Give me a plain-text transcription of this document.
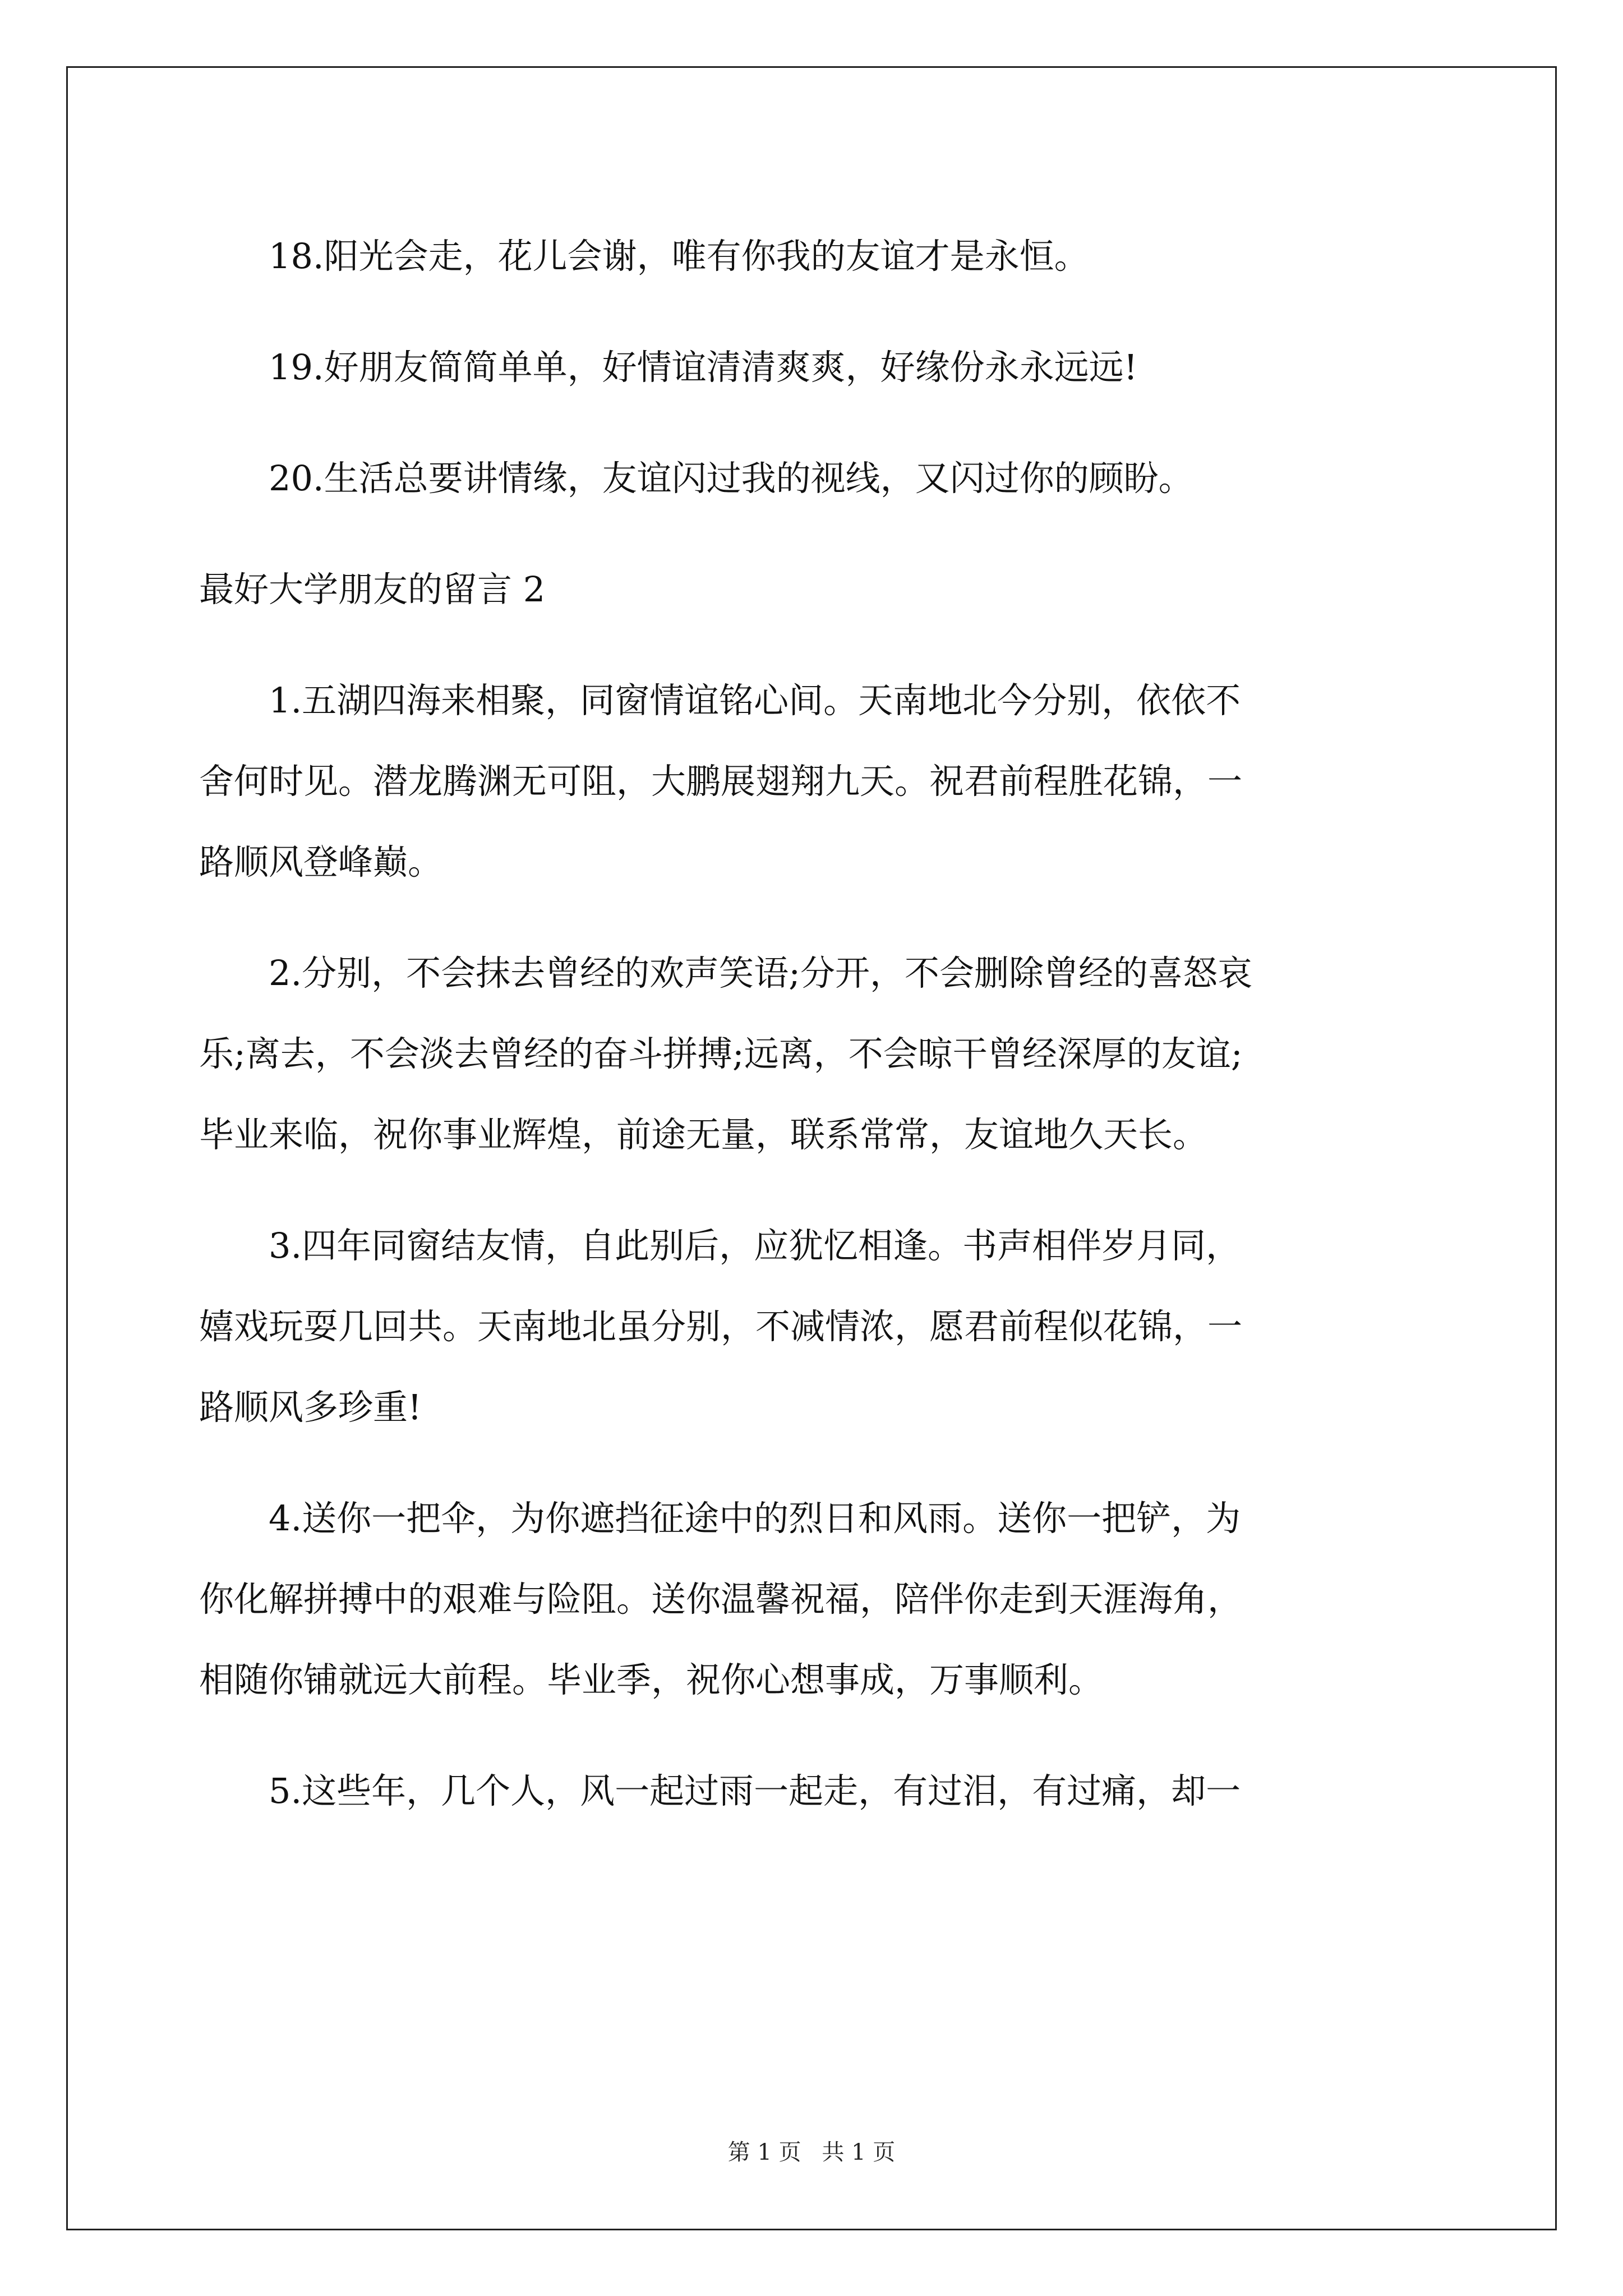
18.阳光会走，花儿会谢，唯有你我的友谊才是永恒。
19.好朋友简简单单，好情谊清清爽爽，好缘份永永远远!
20.生活总要讲情缘，友谊闪过我的视线，又闪过你的顾盼。
最好大学朋友的留言 2
1.五湖四海来相聚，同窗情谊铭心间。天南地北今分别，依依不
舍何时见。潜龙腾渊无可阻，大鹏展翅翔九天。祝君前程胜花锦，一
路顺风登峰巅。
2.分别，不会抹去曾经的欢声笑语;分开，不会删除曾经的喜怒哀
乐;离去，不会淡去曾经的奋斗拼搏;远离，不会晾干曾经深厚的友谊;
毕业来临，祝你事业辉煌，前途无量，联系常常，友谊地久天长。
3.四年同窗结友情，自此别后，应犹忆相逢。书声相伴岁月同，
嬉戏玩耍几回共。天南地北虽分别，不减情浓，愿君前程似花锦，一
路顺风多珍重!
4.送你一把伞，为你遮挡征途中的烈日和风雨。送你一把铲，为
你化解拼搏中的艰难与险阻。送你温馨祝福，陪伴你走到天涯海角，
相随你铺就远大前程。毕业季，祝你心想事成，万事顺利。
5.这些年，几个人，风一起过雨一起走，有过泪，有过痛，却一
第 1 页 共 1 页
